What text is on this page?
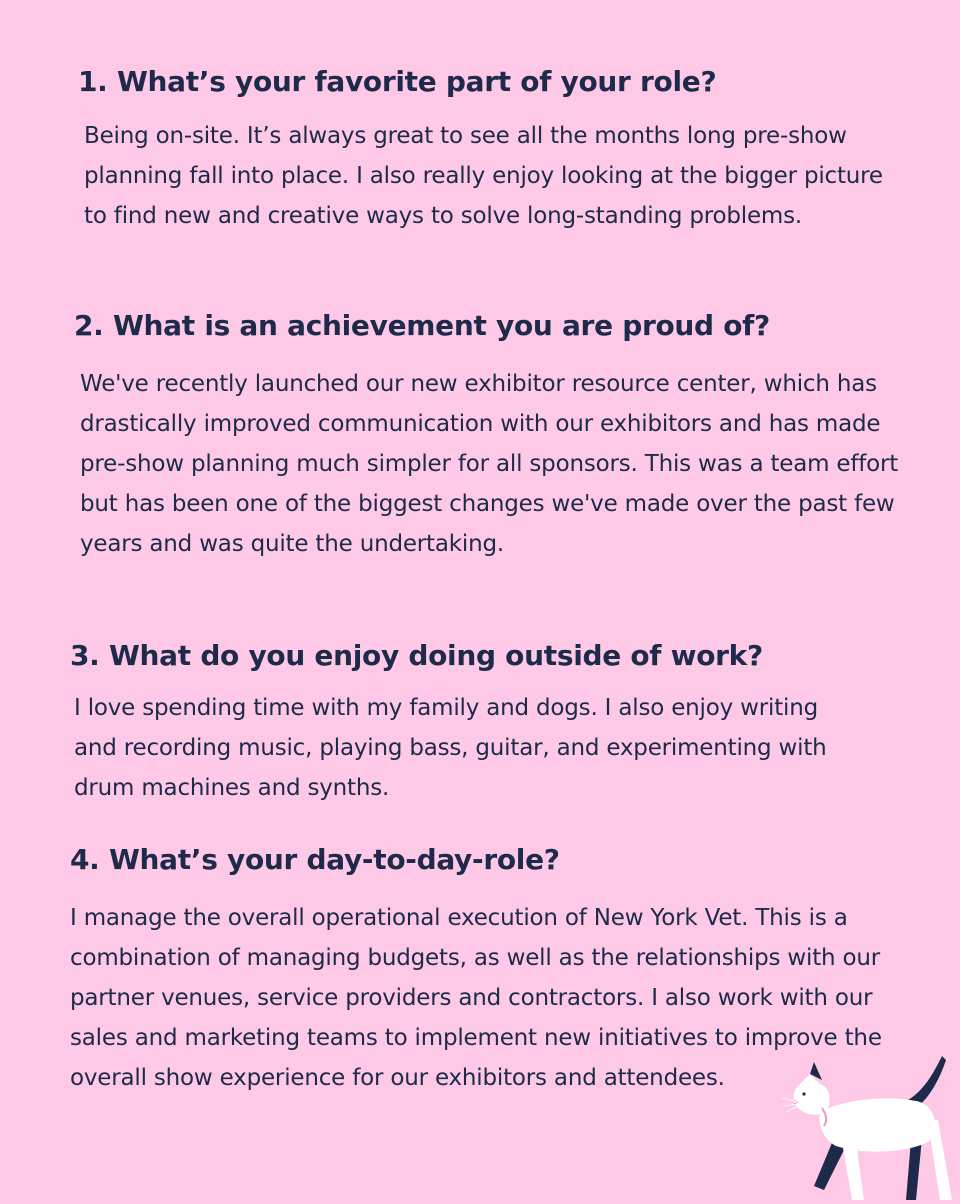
1. What’s your favorite part of your role?

Being on-site. It’s always great to see all the months long pre-show planning fall into place. I also really enjoy looking at the bigger picture to find new and creative ways to solve long-standing problems.

2. What is an achievement you are proud of?

We've recently launched our new exhibitor resource center, which has drastically improved communication with our exhibitors and has made pre-show planning much simpler for all sponsors. This was a team effort but has been one of the biggest changes we've made over the past few years and was quite the undertaking.

3. What do you enjoy doing outside of work?

I love spending time with my family and dogs. I also enjoy writing and recording music, playing bass, guitar, and experimenting with drum machines and synths.

4. What’s your day-to-day-role?

I manage the overall operational execution of New York Vet. This is a combination of managing budgets, as well as the relationships with our partner venues, service providers and contractors. I also work with our sales and marketing teams to implement new initiatives to improve the overall show experience for our exhibitors and attendees.
